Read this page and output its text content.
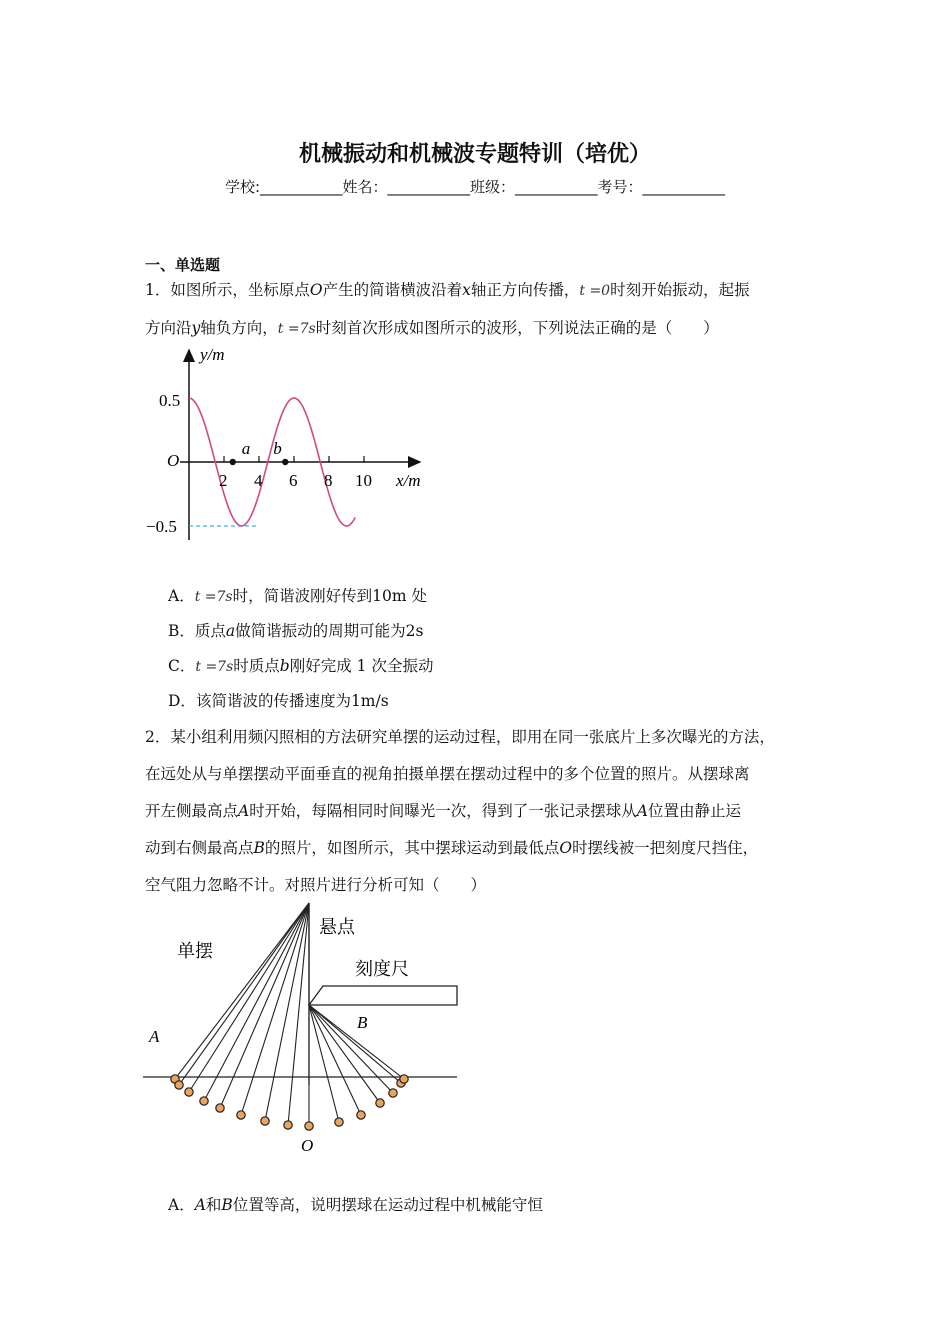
机械振动和机械波专题特训（培优）
学校:___________姓名：___________班级：___________考号：___________
一、单选题
1．如图所示，坐标原点O产生的简谐横波沿着x轴正方向传播，t =0时刻开始振动，起振
方向沿y轴负方向，t =7s时刻首次形成如图所示的波形，下列说法正确的是（　　）
y/m
x/m
O
0.5
−0.5
a b
2 4 6 8 10
A．t =7s时，简谐波刚好传到10m 处
B．质点a做简谐振动的周期可能为2s
C．t =7s时质点b刚好完成 1 次全振动
D．该简谐波的传播速度为1m/s
2．某小组利用频闪照相的方法研究单摆的运动过程，即用在同一张底片上多次曝光的方法，
在远处从与单摆摆动平面垂直的视角拍摄单摆在摆动过程中的多个位置的照片。从摆球离
开左侧最高点A时开始，每隔相同时间曝光一次，得到了一张记录摆球从A位置由静止运
动到右侧最高点B的照片，如图所示，其中摆球运动到最低点O时摆线被一把刻度尺挡住，
空气阻力忽略不计。对照片进行分析可知（　　）
悬点
单摆
刻度尺
A
B
O
A．A和B位置等高，说明摆球在运动过程中机械能守恒
